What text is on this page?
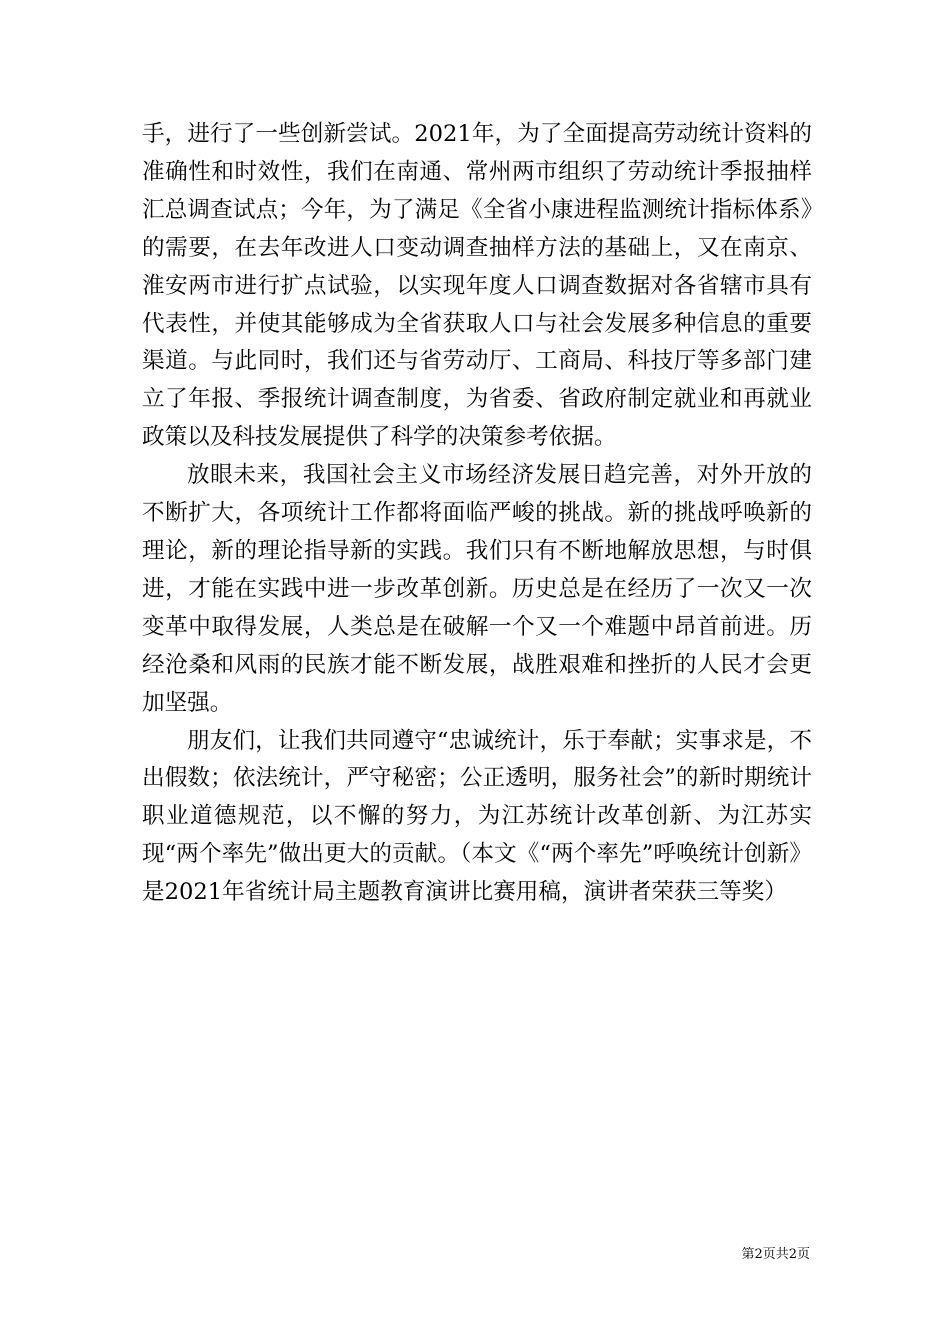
手，进行了一些创新尝试。2021年，为了全面提高劳动统计资料的准确性和时效性，我们在南通、常州两市组织了劳动统计季报抽样汇总调查试点；今年，为了满足《全省小康进程监测统计指标体系》的需要，在去年改进人口变动调查抽样方法的基础上，又在南京、淮安两市进行扩点试验，以实现年度人口调查数据对各省辖市具有代表性，并使其能够成为全省获取人口与社会发展多种信息的重要渠道。与此同时，我们还与省劳动厅、工商局、科技厅等多部门建立了年报、季报统计调查制度，为省委、省政府制定就业和再就业政策以及科技发展提供了科学的决策参考依据。

放眼未来，我国社会主义市场经济发展日趋完善，对外开放的不断扩大，各项统计工作都将面临严峻的挑战。新的挑战呼唤新的理论，新的理论指导新的实践。我们只有不断地解放思想，与时俱进，才能在实践中进一步改革创新。历史总是在经历了一次又一次变革中取得发展，人类总是在破解一个又一个难题中昂首前进。历经沧桑和风雨的民族才能不断发展，战胜艰难和挫折的人民才会更加坚强。

朋友们，让我们共同遵守“忠诚统计，乐于奉献；实事求是，不出假数；依法统计，严守秘密；公正透明，服务社会”的新时期统计职业道德规范，以不懈的努力，为江苏统计改革创新、为江苏实现“两个率先”做出更大的贡献。（本文《“两个率先”呼唤统计创新》是2021年省统计局主题教育演讲比赛用稿，演讲者荣获三等奖）

第2页共2页
